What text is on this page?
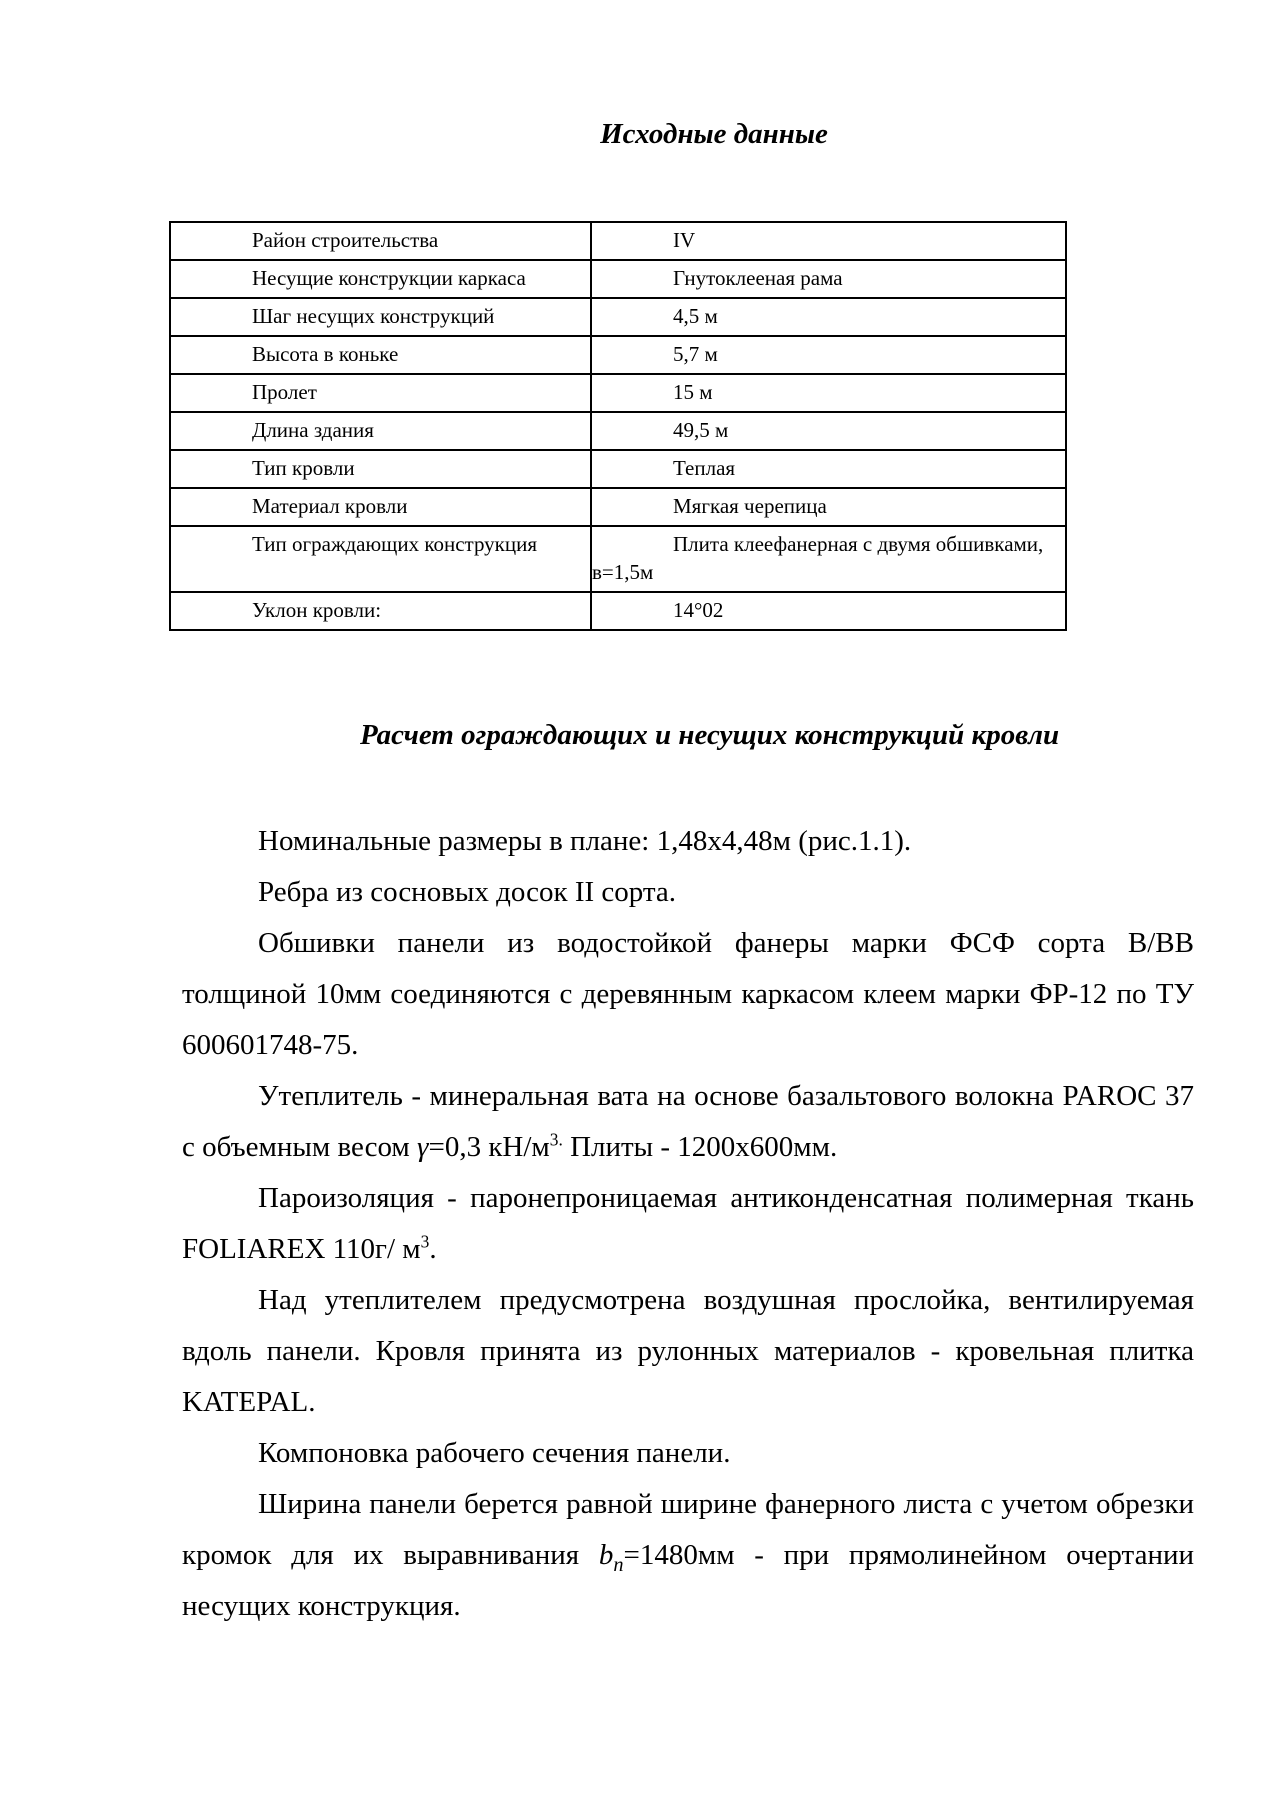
Исходные данные
Район строительства	IV
Несущие конструкции каркаса	Гнутоклееная рама
Шаг несущих конструкций	4,5 м
Высота в коньке	5,7 м
Пролет	15 м
Длина здания	49,5 м
Тип кровли	Теплая
Материал кровли	Мягкая черепица
Тип ограждающих конструкция	Плита клеефанерная с двумя обшивками, в=1,5м
Уклон кровли:	14°02
Расчет ограждающих и несущих конструкций кровли

Номинальные размеры в плане: 1,48х4,48м (рис.1.1).

Ребра из сосновых досок II сорта.

Обшивки панели из водостойкой фанеры марки ФСФ сорта В/ВВ толщиной 10мм соединяются с деревянным каркасом клеем марки ФР-12 по ТУ 600601748-75.

Утеплитель - минеральная вата на основе базальтового волокна PAROC 37 с объемным весом γ=0,3 $кН/м^{3.}$ Плиты - 1200х600мм.

Пароизоляция - паронепроницаемая антиконденсатная полимерная ткань FOLIAREX 110г/ $м^3$.

Над утеплителем предусмотрена воздушная прослойка, вентилируемая вдоль панели. Кровля принята из рулонных материалов - кровельная плитка KATEPAL.

Компоновка рабочего сечения панели.

Ширина панели берется равной ширине фанерного листа с учетом обрезки кромок для их выравнивания $b_n=1480мм$ - при прямолинейном очертании несущих конструкция.
